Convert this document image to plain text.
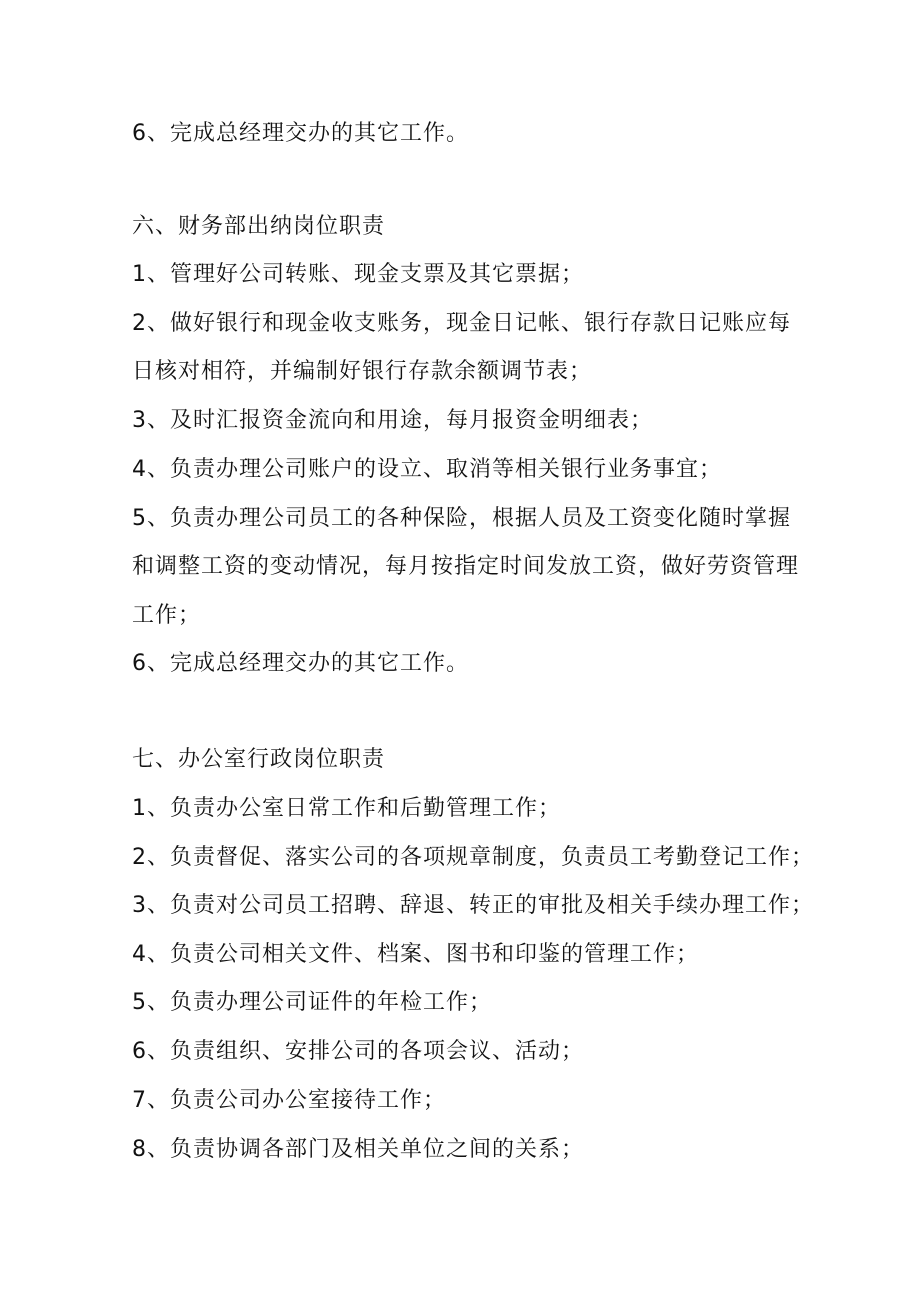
6、完成总经理交办的其它工作。
六、财务部出纳岗位职责
1、管理好公司转账、现金支票及其它票据；
2、做好银行和现金收支账务，现金日记帐、银行存款日记账应每
日核对相符，并编制好银行存款余额调节表；
3、及时汇报资金流向和用途，每月报资金明细表；
4、负责办理公司账户的设立、取消等相关银行业务事宜；
5、负责办理公司员工的各种保险，根据人员及工资变化随时掌握
和调整工资的变动情况，每月按指定时间发放工资，做好劳资管理
工作；
6、完成总经理交办的其它工作。
七、办公室行政岗位职责
1、负责办公室日常工作和后勤管理工作；
2、负责督促、落实公司的各项规章制度，负责员工考勤登记工作；
3、负责对公司员工招聘、辞退、转正的审批及相关手续办理工作；
4、负责公司相关文件、档案、图书和印鉴的管理工作；
5、负责办理公司证件的年检工作；
6、负责组织、安排公司的各项会议、活动；
7、负责公司办公室接待工作；
8、负责协调各部门及相关单位之间的关系；
